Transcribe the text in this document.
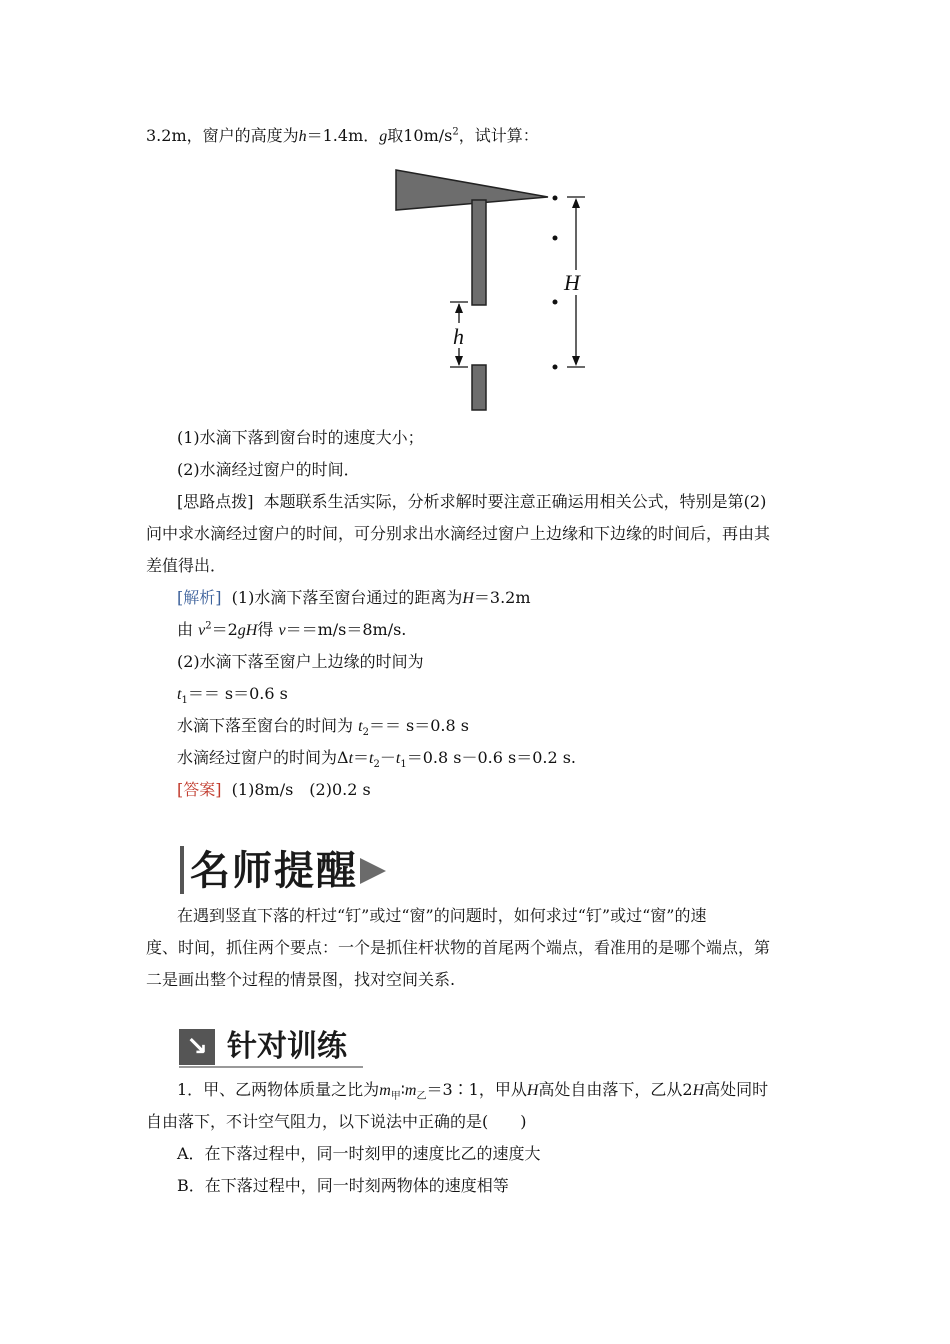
3.2m，窗户的高度为h＝1.4m．g取$10m/s^2$，试计算：
H
h
(1)水滴下落到窗台时的速度大小；
(2)水滴经过窗户的时间．
[思路点拨] 本题联系生活实际，分析求解时要注意正确运用相关公式，特别是第(2)
问中求水滴经过窗户的时间，可分别求出水滴经过窗户上边缘和下边缘的时间后，再由其
差值得出．
[解析] (1)水滴下落至窗台通过的距离为H＝3.2m
由 $v^2=2gH$得 v＝＝m/s＝8m/s.
(2)水滴下落至窗户上边缘的时间为
$t_1== s=0.6$ s
水滴下落至窗台的时间为 $t_2== s=0.8$ s
水滴经过窗户的时间为$\Delta t=t_2-t_1=0.8$ s－0.6 s＝0.2 s.
[答案] (1)8m/s　(2)0.2 s
名师提醒
在遇到竖直下落的杆过“钉”或过“窗”的问题时，如何求过“钉”或过“窗”的速
度、时间，抓住两个要点：一个是抓住杆状物的首尾两个端点，看准用的是哪个端点，第
二是画出整个过程的情景图，找对空间关系.
↘ 针对训练
1．甲、乙两物体质量之比为$m_甲∶m_乙=3∶1$，甲从H高处自由落下，乙从2H高处同时
自由落下，不计空气阻力，以下说法中正确的是(　　)
A．在下落过程中，同一时刻甲的速度比乙的速度大
B．在下落过程中，同一时刻两物体的速度相等
